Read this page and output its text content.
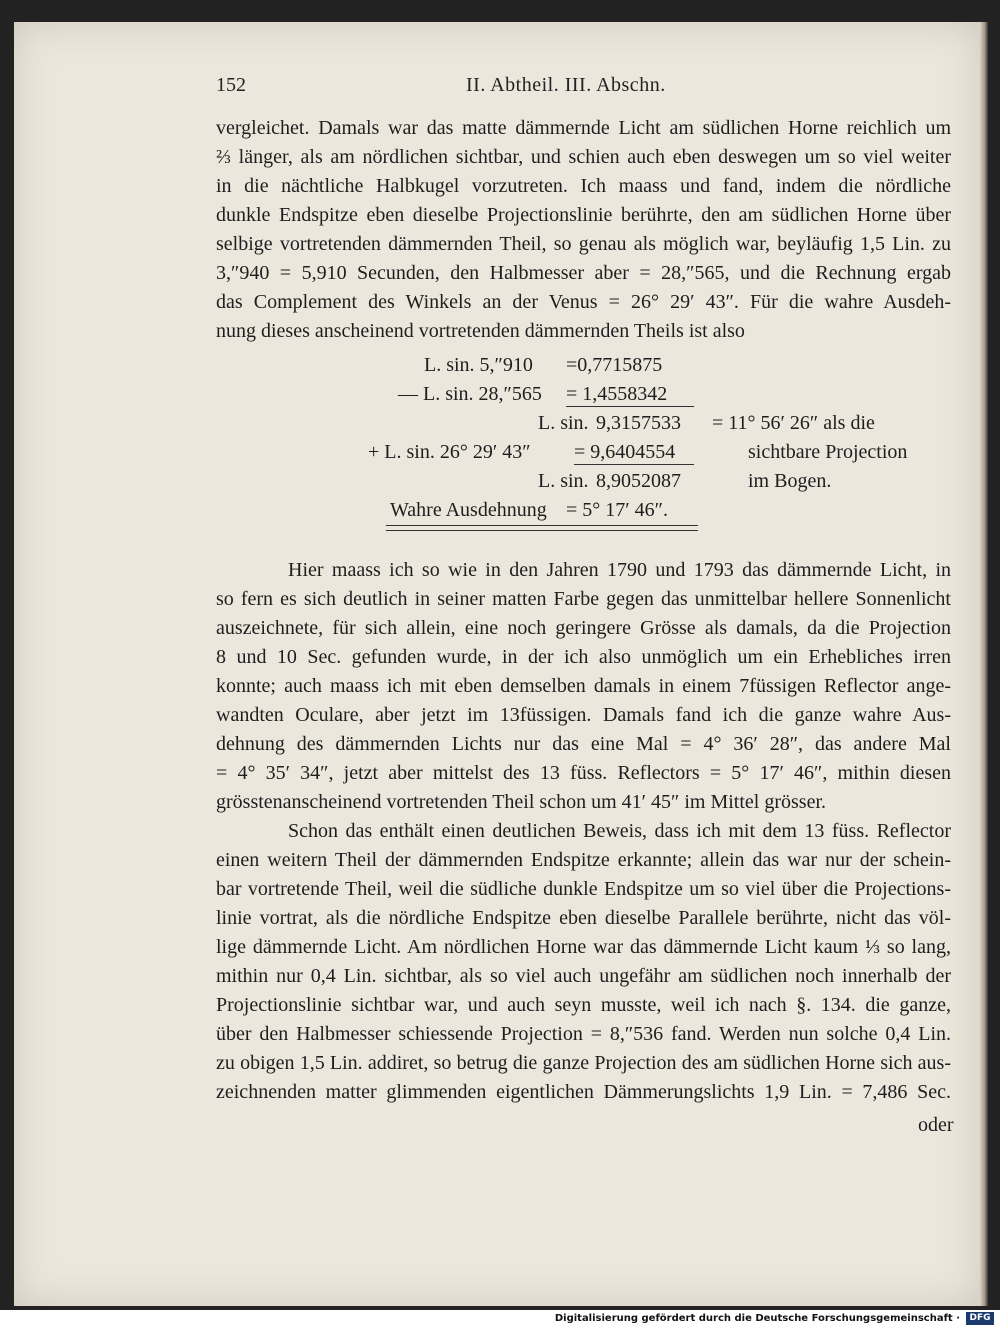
152	II. Abtheil. III. Abschn.
vergleichet. Damals war das matte dämmernde Licht am südlichen Horne reichlich um
⅔ länger, als am nördlichen sichtbar, und schien auch eben deswegen um so viel weiter
in die nächtliche Halbkugel vorzutreten. Ich maass und fand, indem die nördliche
dunkle Endspitze eben dieselbe Projectionslinie berührte, den am südlichen Horne über
selbige vortretenden dämmernden Theil, so genau als möglich war, beyläufig 1,5 Lin. zu
3,″940 = 5,910 Secunden, den Halbmesser aber = 28,″565, und die Rechnung ergab
das Complement des Winkels an der Venus = 26° 29′ 43″. Für die wahre Ausdeh-
nung dieses anscheinend vortretenden dämmernden Theils ist also
L. sin. 5,″910 =0,7715875
— L. sin. 28,″565 = 1,4558342
L. sin. 9,3157533 = 11° 56′ 26″ als die
+ L. sin. 26° 29′ 43″ = 9,6404554	sichtbare Projection
L. sin. 8,9052087	im Bogen.
Wahre Ausdehnung = 5° 17′ 46″.
Hier maass ich so wie in den Jahren 1790 und 1793 das dämmernde Licht, in
so fern es sich deutlich in seiner matten Farbe gegen das unmittelbar hellere Sonnenlicht
auszeichnete, für sich allein, eine noch geringere Grösse als damals, da die Projection
8 und 10 Sec. gefunden wurde, in der ich also unmöglich um ein Erhebliches irren
konnte; auch maass ich mit eben demselben damals in einem 7füssigen Reflector ange-
wandten Oculare, aber jetzt im 13füssigen. Damals fand ich die ganze wahre Aus-
dehnung des dämmernden Lichts nur das eine Mal = 4° 36′ 28″, das andere Mal
= 4° 35′ 34″, jetzt aber mittelst des 13 füss. Reflectors = 5° 17′ 46″, mithin diesen
grösstenanscheinend vortretenden Theil schon um 41′ 45″ im Mittel grösser.
Schon das enthält einen deutlichen Beweis, dass ich mit dem 13 füss. Reflector
einen weitern Theil der dämmernden Endspitze erkannte; allein das war nur der schein-
bar vortretende Theil, weil die südliche dunkle Endspitze um so viel über die Projections-
linie vortrat, als die nördliche Endspitze eben dieselbe Parallele berührte, nicht das völ-
lige dämmernde Licht. Am nördlichen Horne war das dämmernde Licht kaum ⅓ so lang,
mithin nur 0,4 Lin. sichtbar, als so viel auch ungefähr am südlichen noch innerhalb der
Projectionslinie sichtbar war, und auch seyn musste, weil ich nach §. 134. die ganze,
über den Halbmesser schiessende Projection = 8,″536 fand. Werden nun solche 0,4 Lin.
zu obigen 1,5 Lin. addiret, so betrug die ganze Projection des am südlichen Horne sich aus-
zeichnenden matter glimmenden eigentlichen Dämmerungslichts 1,9 Lin. = 7,486 Sec.
oder
Digitalisierung gefördert durch die Deutsche Forschungsgemeinschaft ·	DFG
